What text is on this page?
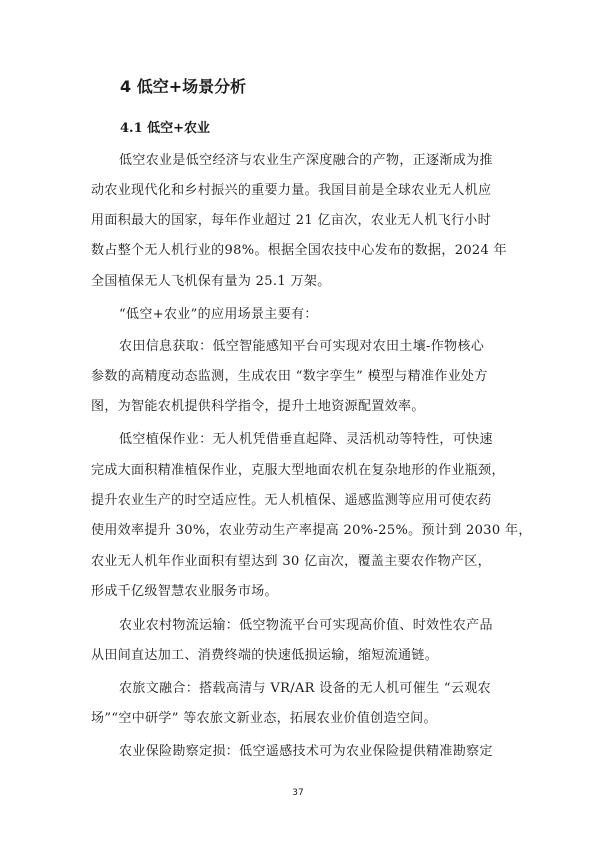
4 低空+场景分析
4.1 低空+农业
低空农业是低空经济与农业生产深度融合的产物，正逐渐成为推
动农业现代化和乡村振兴的重要力量。我国目前是全球农业无人机应
用面积最大的国家，每年作业超过 21 亿亩次，农业无人机飞行小时
数占整个无人机行业的98%。根据全国农技中心发布的数据，2024 年
全国植保无人飞机保有量为 25.1 万架。
“低空+农业”的应用场景主要有：
农田信息获取：低空智能感知平台可实现对农田土壤-作物核心
参数的高精度动态监测，生成农田 “数字孪生” 模型与精准作业处方
图，为智能农机提供科学指令，提升土地资源配置效率。
低空植保作业：无人机凭借垂直起降、灵活机动等特性，可快速
完成大面积精准植保作业，克服大型地面农机在复杂地形的作业瓶颈，
提升农业生产的时空适应性。无人机植保、遥感监测等应用可使农药
使用效率提升 30%，农业劳动生产率提高 20%-25%。预计到 2030 年，
农业无人机年作业面积有望达到 30 亿亩次，覆盖主要农作物产区，
形成千亿级智慧农业服务市场。
农业农村物流运输：低空物流平台可实现高价值、时效性农产品
从田间直达加工、消费终端的快速低损运输，缩短流通链。
农旅文融合：搭载高清与 VR/AR 设备的无人机可催生 “云观农
场”“空中研学” 等农旅文新业态，拓展农业价值创造空间。
农业保险勘察定损：低空遥感技术可为农业保险提供精准勘察定
37
